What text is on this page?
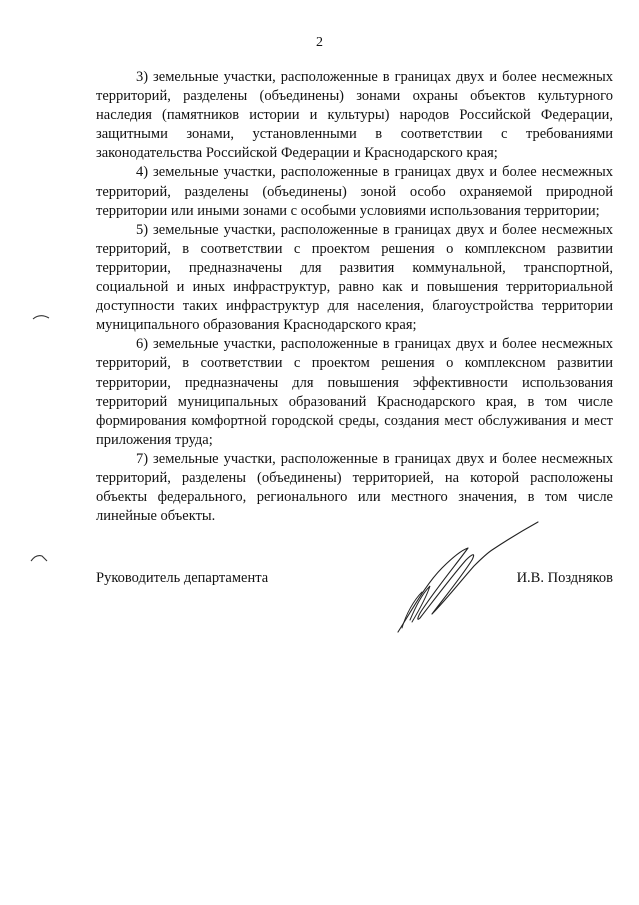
2

3) земельные участки, расположенные в границах двух и более несмежных территорий, разделены (объединены) зонами охраны объектов культурного наследия (памятников истории и культуры) народов Российской Федерации, защитными зонами, установленными в соответствии с требованиями законодательства Российской Федерации и Краснодарского края;

4) земельные участки, расположенные в границах двух и более несмежных территорий, разделены (объединены) зоной особо охраняемой природной территории или иными зонами с особыми условиями использования территории;

5) земельные участки, расположенные в границах двух и более несмежных территорий, в соответствии с проектом решения о комплексном развитии территории, предназначены для развития коммунальной, транспортной, социальной и иных инфраструктур, равно как и повышения территориальной доступности таких инфраструктур для населения, благоустройства территории муниципального образования Краснодарского края;

6) земельные участки, расположенные в границах двух и более несмежных территорий, в соответствии с проектом решения о комплексном развитии территории, предназначены для повышения эффективности использования территорий муниципальных образований Краснодарского края, в том числе формирования комфортной городской среды, создания мест обслуживания и мест приложения труда;

7) земельные участки, расположенные в границах двух и более несмежных территорий, разделены (объединены) территорией, на которой расположены объекты федерального, регионального или местного значения, в том числе линейные объекты.

Руководитель департамента	И.В. Поздняков
